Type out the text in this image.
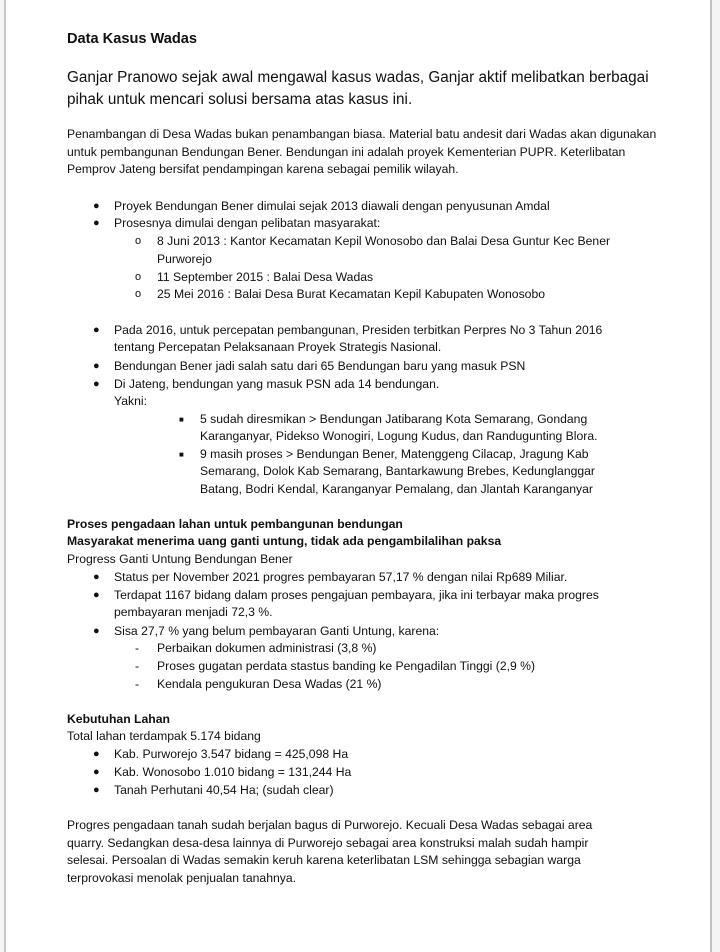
Data Kasus Wadas
Ganjar Pranowo sejak awal mengawal kasus wadas, Ganjar aktif melibatkan berbagai pihak untuk mencari solusi bersama atas kasus ini.
Penambangan di Desa Wadas bukan penambangan biasa. Material batu andesit dari Wadas akan digunakan untuk pembangunan Bendungan Bener. Bendungan ini adalah proyek Kementerian PUPR. Keterlibatan Pemprov Jateng bersifat pendampingan karena sebagai pemilik wilayah.
● Proyek Bendungan Bener dimulai sejak 2013 diawali dengan penyusunan Amdal
● Prosesnya dimulai dengan pelibatan masyarakat:
o 8 Juni 2013 : Kantor Kecamatan Kepil Wonosobo dan Balai Desa Guntur Kec Bener
Purworejo
o 11 September 2015 : Balai Desa Wadas
o 25 Mei 2016 : Balai Desa Burat Kecamatan Kepil Kabupaten Wonosobo
● Pada 2016, untuk percepatan pembangunan, Presiden terbitkan Perpres No 3 Tahun 2016
tentang Percepatan Pelaksanaan Proyek Strategis Nasional.
● Bendungan Bener jadi salah satu dari 65 Bendungan baru yang masuk PSN
● Di Jateng, bendungan yang masuk PSN ada 14 bendungan.
Yakni:
■ 5 sudah diresmikan > Bendungan Jatibarang Kota Semarang, Gondang
Karanganyar, Pidekso Wonogiri, Logung Kudus, dan Randugunting Blora.
■ 9 masih proses > Bendungan Bener, Matenggeng Cilacap, Jragung Kab
Semarang, Dolok Kab Semarang, Bantarkawung Brebes, Kedunglanggar
Batang, Bodri Kendal, Karanganyar Pemalang, dan Jlantah Karanganyar
Proses pengadaan lahan untuk pembangunan bendungan
Masyarakat menerima uang ganti untung, tidak ada pengambilalihan paksa
Progress Ganti Untung Bendungan Bener
● Status per November 2021 progres pembayaran 57,17 % dengan nilai Rp689 Miliar.
● Terdapat 1167 bidang dalam proses pengajuan pembayara, jika ini terbayar maka progres
pembayaran menjadi 72,3 %.
● Sisa 27,7 % yang belum pembayaran Ganti Untung, karena:
- Perbaikan dokumen administrasi (3,8 %)
- Proses gugatan perdata stastus banding ke Pengadilan Tinggi (2,9 %)
- Kendala pengukuran Desa Wadas (21 %)
Kebutuhan Lahan
Total lahan terdampak 5.174 bidang
● Kab. Purworejo 3.547 bidang = 425,098 Ha
● Kab. Wonosobo 1.010 bidang = 131,244 Ha
● Tanah Perhutani 40,54 Ha; (sudah clear)
Progres pengadaan tanah sudah berjalan bagus di Purworejo. Kecuali Desa Wadas sebagai area
quarry. Sedangkan desa-desa lainnya di Purworejo sebagai area konstruksi malah sudah hampir
selesai. Persoalan di Wadas semakin keruh karena keterlibatan LSM sehingga sebagian warga
terprovokasi menolak penjualan tanahnya.
